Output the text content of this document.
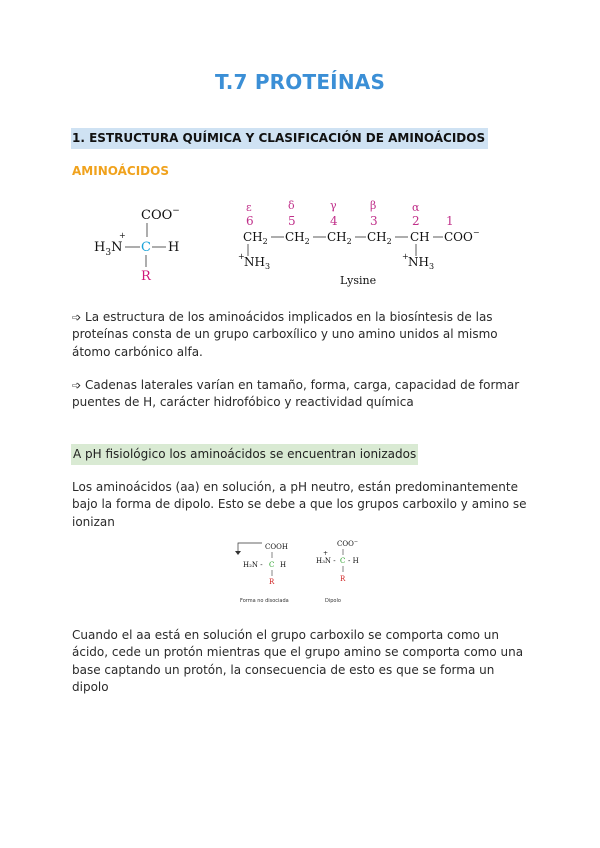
T.7 PROTEÍNAS
1. ESTRUCTURA QUÍMICA Y CLASIFICACIÓN DE AMINOÁCIDOS
AMINOÁCIDOS
COO−
$H_3N$
+
C H
R
ε	δ	γ	β	α
6	5	4	3	2 1
$CH_2$ $CH_2$ $CH_2$ $CH_2$ CH COO−
+ $NH_3$
+ $NH_3$
Lysine
➩ La estructura de los aminoácidos implicados en la biosíntesis de las proteínas consta de un grupo carboxílico y uno amino unidos al mismo átomo carbónico alfa.
➩ Cadenas laterales varían en tamaño, forma, carga, capacidad de formar puentes de H, carácter hidrofóbico y reactividad química
A pH fisiológico los aminoácidos se encuentran ionizados
Los aminoácidos (aa) en solución, a pH neutro, están predominantemente bajo la forma de dipolo. Esto se debe a que los grupos carboxilo y amino se ionizan
COOH
H₂N - C H
R
Forma no disociada
COO−
+
H₃N - C - H
R
Dipolo
Cuando el aa está en solución el grupo carboxilo se comporta como un ácido, cede un protón mientras que el grupo amino se comporta como una base captando un protón, la consecuencia de esto es que se forma un dipolo
